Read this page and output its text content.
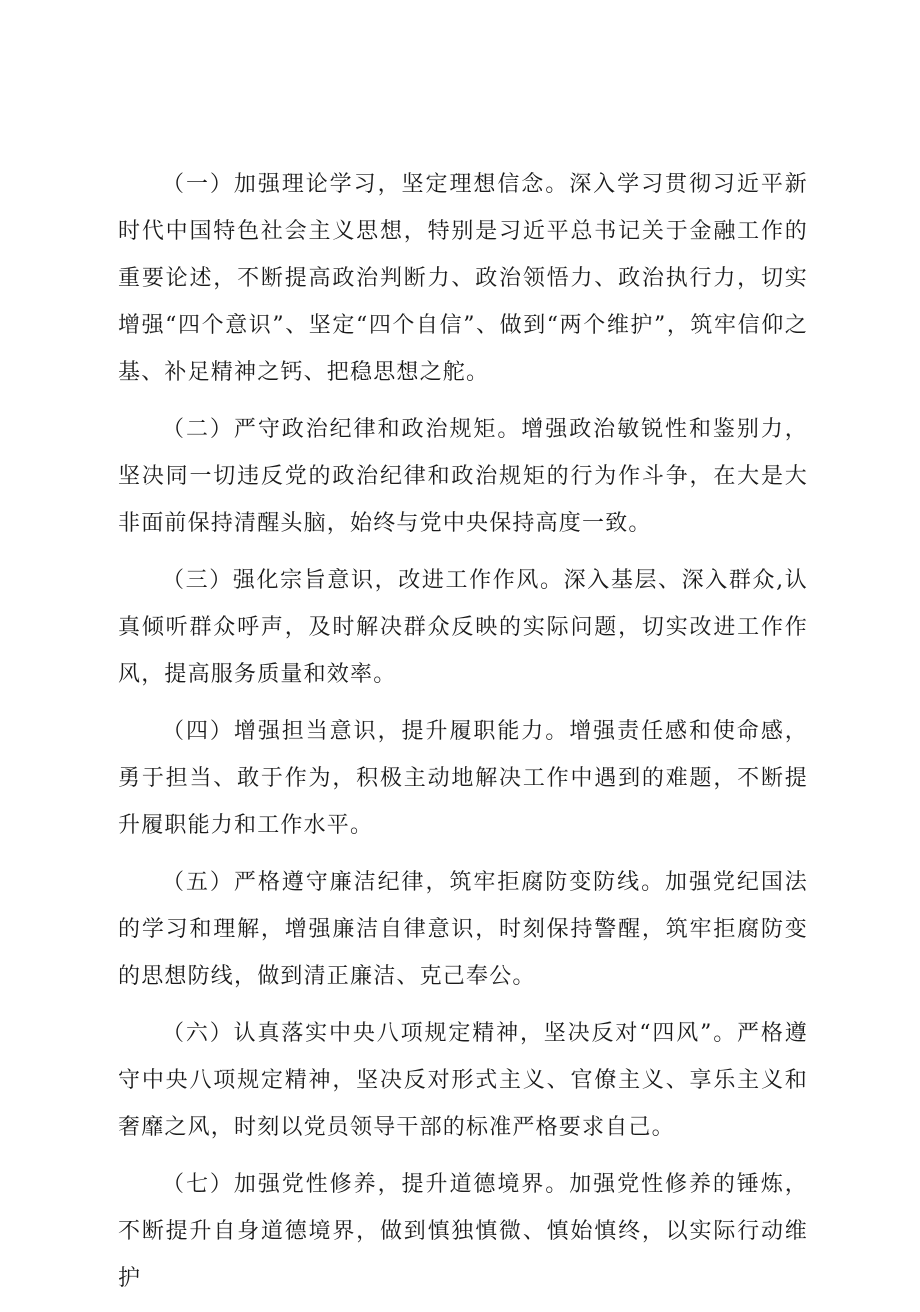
（一）加强理论学习，坚定理想信念。深入学习贯彻习近平新时代中国特色社会主义思想，特别是习近平总书记关于金融工作的重要论述，不断提高政治判断力、政治领悟力、政治执行力，切实增强“四个意识”、坚定“四个自信”、做到“两个维护”，筑牢信仰之基、补足精神之钙、把稳思想之舵。

（二）严守政治纪律和政治规矩。增强政治敏锐性和鉴别力，坚决同一切违反党的政治纪律和政治规矩的行为作斗争，在大是大非面前保持清醒头脑，始终与党中央保持高度一致。

（三）强化宗旨意识，改进工作作风。深入基层、深入群众,认真倾听群众呼声，及时解决群众反映的实际问题，切实改进工作作风，提高服务质量和效率。

（四）增强担当意识，提升履职能力。增强责任感和使命感，勇于担当、敢于作为，积极主动地解决工作中遇到的难题，不断提升履职能力和工作水平。

（五）严格遵守廉洁纪律，筑牢拒腐防变防线。加强党纪国法的学习和理解，增强廉洁自律意识，时刻保持警醒，筑牢拒腐防变的思想防线，做到清正廉洁、克己奉公。

（六）认真落实中央八项规定精神，坚决反对“四风”。严格遵守中央八项规定精神，坚决反对形式主义、官僚主义、享乐主义和奢靡之风，时刻以党员领导干部的标准严格要求自己。

（七）加强党性修养，提升道德境界。加强党性修养的锤炼，不断提升自身道德境界，做到慎独慎微、慎始慎终，以实际行动维护
